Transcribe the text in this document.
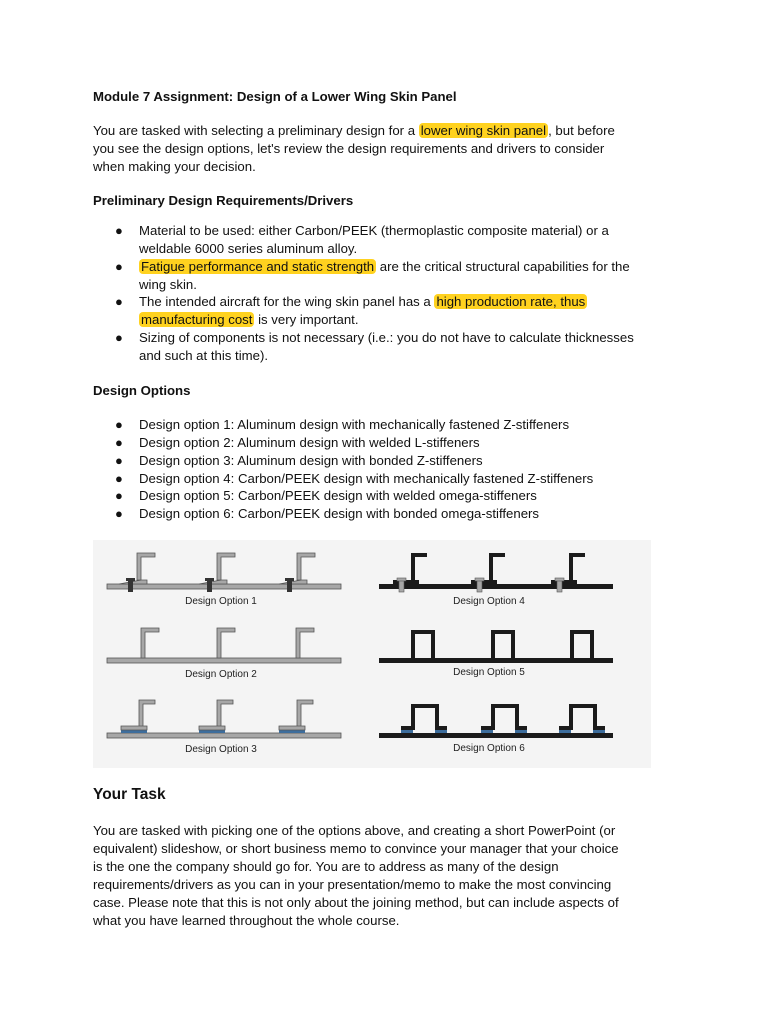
Module 7 Assignment: Design of a Lower Wing Skin Panel
You are tasked with selecting a preliminary design for a lower wing skin panel , but before
you see the design options, let's review the design requirements and drivers to consider
when making your decision.
Preliminary Design Requirements/Drivers
● Material to be used: either Carbon/PEEK (thermoplastic composite material) or a
weldable 6000 series aluminum alloy.
● Fatigue performance and static strength are the critical structural capabilities for the
wing skin.
● The intended aircraft for the wing skin panel has a high production rate, thus
manufacturing cost is very important.
● Sizing of components is not necessary (i.e.: you do not have to calculate thicknesses
and such at this time).
Design Options
● Design option 1: Aluminum design with mechanically fastened Z-stiffeners
● Design option 2: Aluminum design with welded L-stiffeners
● Design option 3: Aluminum design with bonded Z-stiffeners
● Design option 4: Carbon/PEEK design with mechanically fastened Z-stiffeners
● Design option 5: Carbon/PEEK design with welded omega-stiffeners
● Design option 6: Carbon/PEEK design with bonded omega-stiffeners
Your Task
You are tasked with picking one of the options above, and creating a short PowerPoint (or
equivalent) slideshow, or short business memo to convince your manager that your choice
is the one the company should go for. You are to address as many of the design
requirements/drivers as you can in your presentation/memo to make the most convincing
case. Please note that this is not only about the joining method, but can include aspects of
what you have learned throughout the whole course.
Design Option 1
Design Option 2
Design Option 3
Design Option 4
Design Option 5
Design Option 6
